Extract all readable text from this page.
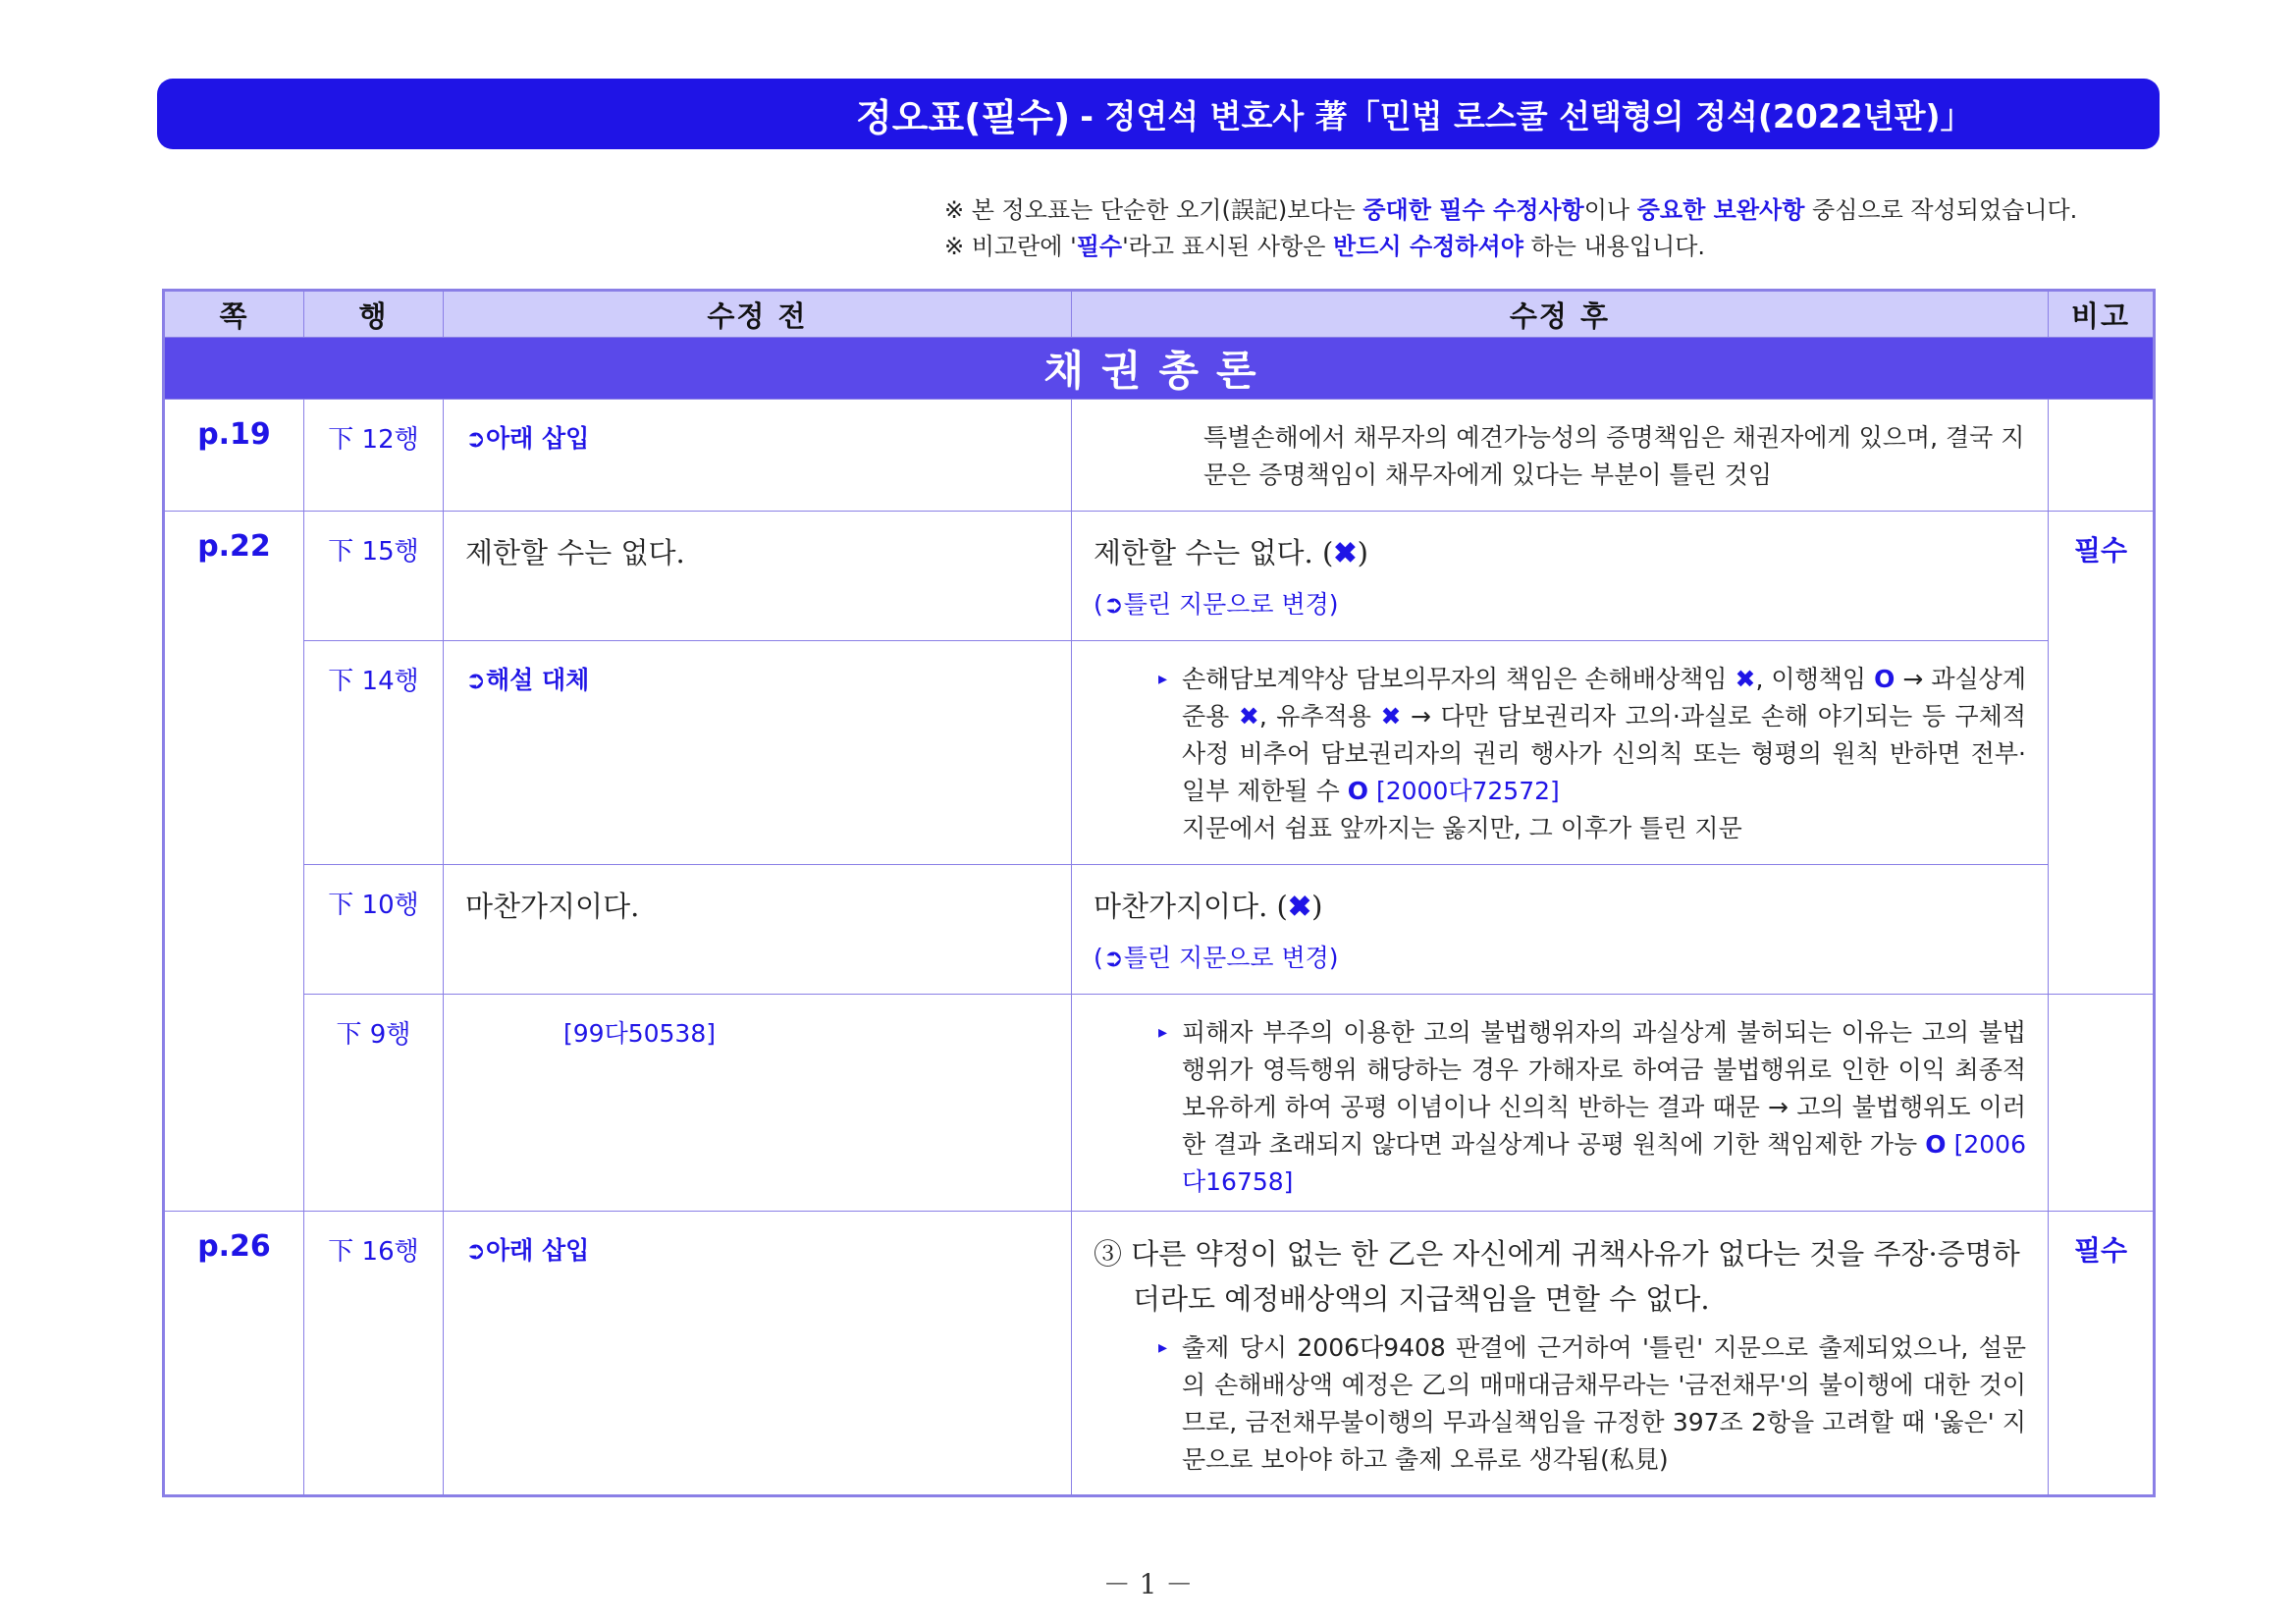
정오표(필수) - 정연석 변호사 著「민법 로스쿨 선택형의 정석(2022년판)」
※ 본 정오표는 단순한 오기(誤記)보다는 중대한 필수 수정사항이나 중요한 보완사항 중심으로 작성되었습니다.
※ 비고란에 '필수'라고 표시된 사항은 반드시 수정하셔야 하는 내용입니다.
쪽	행	수정 전	수정 후	비고
채권총론				
p.19	下 12행	➲아래 삽입	특별손해에서 채무자의 예견가능성의 증명책임은 채권자에게 있으며, 결국 지문은 증명책임이 채무자에게 있다는 부분이 틀린 것임	

p.22	下 15행	제한할 수는 없다.	제한할 수는 없다. (✖)
(➲틀린 지문으로 변경)	필수
	下 14행	➲해설 대체	▸ 손해담보계약상 담보의무자의 책임은 손해배상책임 ✖, 이행책임 O → 과실상계 준용 ✖, 유추적용 ✖ → 다만 담보권리자 고의·과실로 손해 야기되는 등 구체적 사정 비추어 담보권리자의 권리 행사가 신의칙 또는 형평의 원칙 반하면 전부·일부 제한될 수 O [2000다72572]
지문에서 쉼표 앞까지는 옳지만, 그 이후가 틀린 지문	

	下 10행	마찬가지이다.	마찬가지이다. (✖)
(➲틀린 지문으로 변경)	

	下 9행	[99다50538]	▸ 피해자 부주의 이용한 고의 불법행위자의 과실상계 불허되는 이유는 고의 불법행위가 영득행위 해당하는 경우 가해자로 하여금 불법행위로 인한 이익 최종적 보유하게 하여 공평 이념이나 신의칙 반하는 결과 때문 → 고의 불법행위도 이러한 결과 초래되지 않다면 과실상계나 공평 원칙에 기한 책임제한 가능 O [2006다16758]	

p.26	下 16행	➲아래 삽입	③ 다른 약정이 없는 한 乙은 자신에게 귀책사유가 없다는 것을 주장·증명하더라도 예정배상액의 지급책임을 면할 수 없다.
▸ 출제 당시 2006다9408 판결에 근거하여 '틀린' 지문으로 출제되었으나, 설문의 손해배상액 예정은 乙의 매매대금채무라는 '금전채무'의 불이행에 대한 것이므로, 금전채무불이행의 무과실책임을 규정한 397조 2항을 고려할 때 '옳은' 지문으로 보아야 하고 출제 오류로 생각됨(私見)	필수
－ 1 －
